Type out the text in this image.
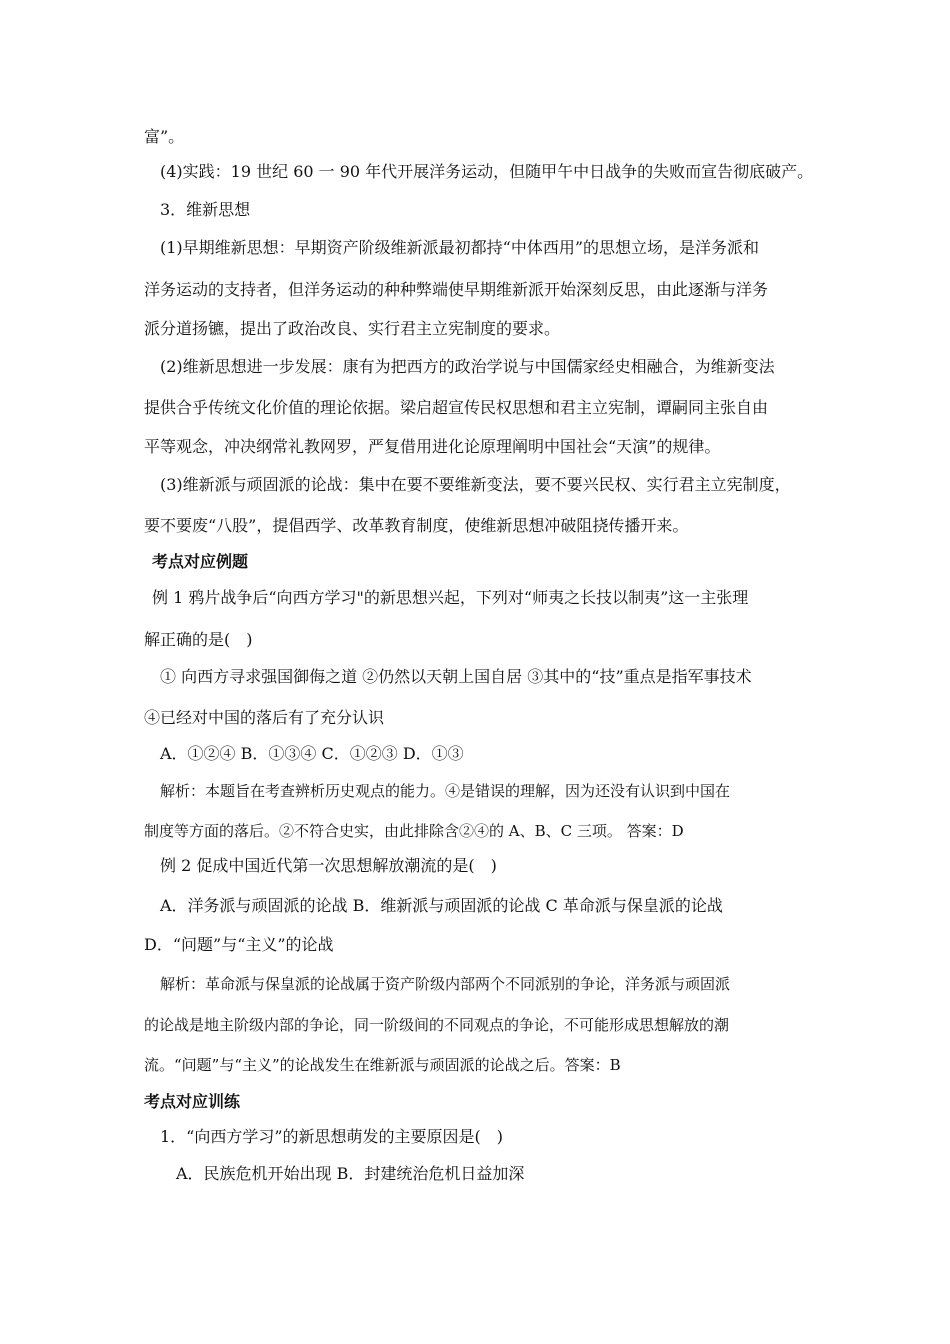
富”。
(4)实践：19 世纪 60 一 90 年代开展洋务运动，但随甲午中日战争的失败而宣告彻底破产。
3．维新思想
(1)早期维新思想：早期资产阶级维新派最初都持“中体西用”的思想立场，是洋务派和
洋务运动的支持者，但洋务运动的种种弊端使早期维新派开始深刻反思，由此逐渐与洋务
派分道扬镳，提出了政治改良、实行君主立宪制度的要求。
(2)维新思想进一步发展：康有为把西方的政治学说与中国儒家经史相融合，为维新变法
提供合乎传统文化价值的理论依据。梁启超宣传民权思想和君主立宪制，谭嗣同主张自由
平等观念，冲决纲常礼教网罗，严复借用进化论原理阐明中国社会“天演”的规律。
(3)维新派与顽固派的论战：集中在要不要维新变法，要不要兴民权、实行君主立宪制度，
要不要废“八股”，提倡西学、改革教育制度，使维新思想冲破阻挠传播开来。
考点对应例题
例 1 鸦片战争后“向西方学习"的新思想兴起，下列对“师夷之长技以制夷”这一主张理
解正确的是(　)
① 向西方寻求强国御侮之道 ②仍然以天朝上国自居 ③其中的“技”重点是指军事技术
④已经对中国的落后有了充分认识
A．①②④ B．①③④ C．①②③ D．①③
解析：本题旨在考查辨析历史观点的能力。④是错误的理解，因为还没有认识到中国在
制度等方面的落后。②不符合史实，由此排除含②④的 A、B、C 三项。 答案：D
例 2 促成中国近代第一次思想解放潮流的是(　)
A．洋务派与顽固派的论战 B．维新派与顽固派的论战 C 革命派与保皇派的论战
D．“问题”与“主义”的论战
解析：革命派与保皇派的论战属于资产阶级内部两个不同派别的争论，洋务派与顽固派
的论战是地主阶级内部的争论，同一阶级间的不同观点的争论，不可能形成思想解放的潮
流。“问题”与“主义”的论战发生在维新派与顽固派的论战之后。答案：B
考点对应训练
1．“向西方学习”的新思想萌发的主要原因是(　)
A．民族危机开始出现 B．封建统治危机日益加深
